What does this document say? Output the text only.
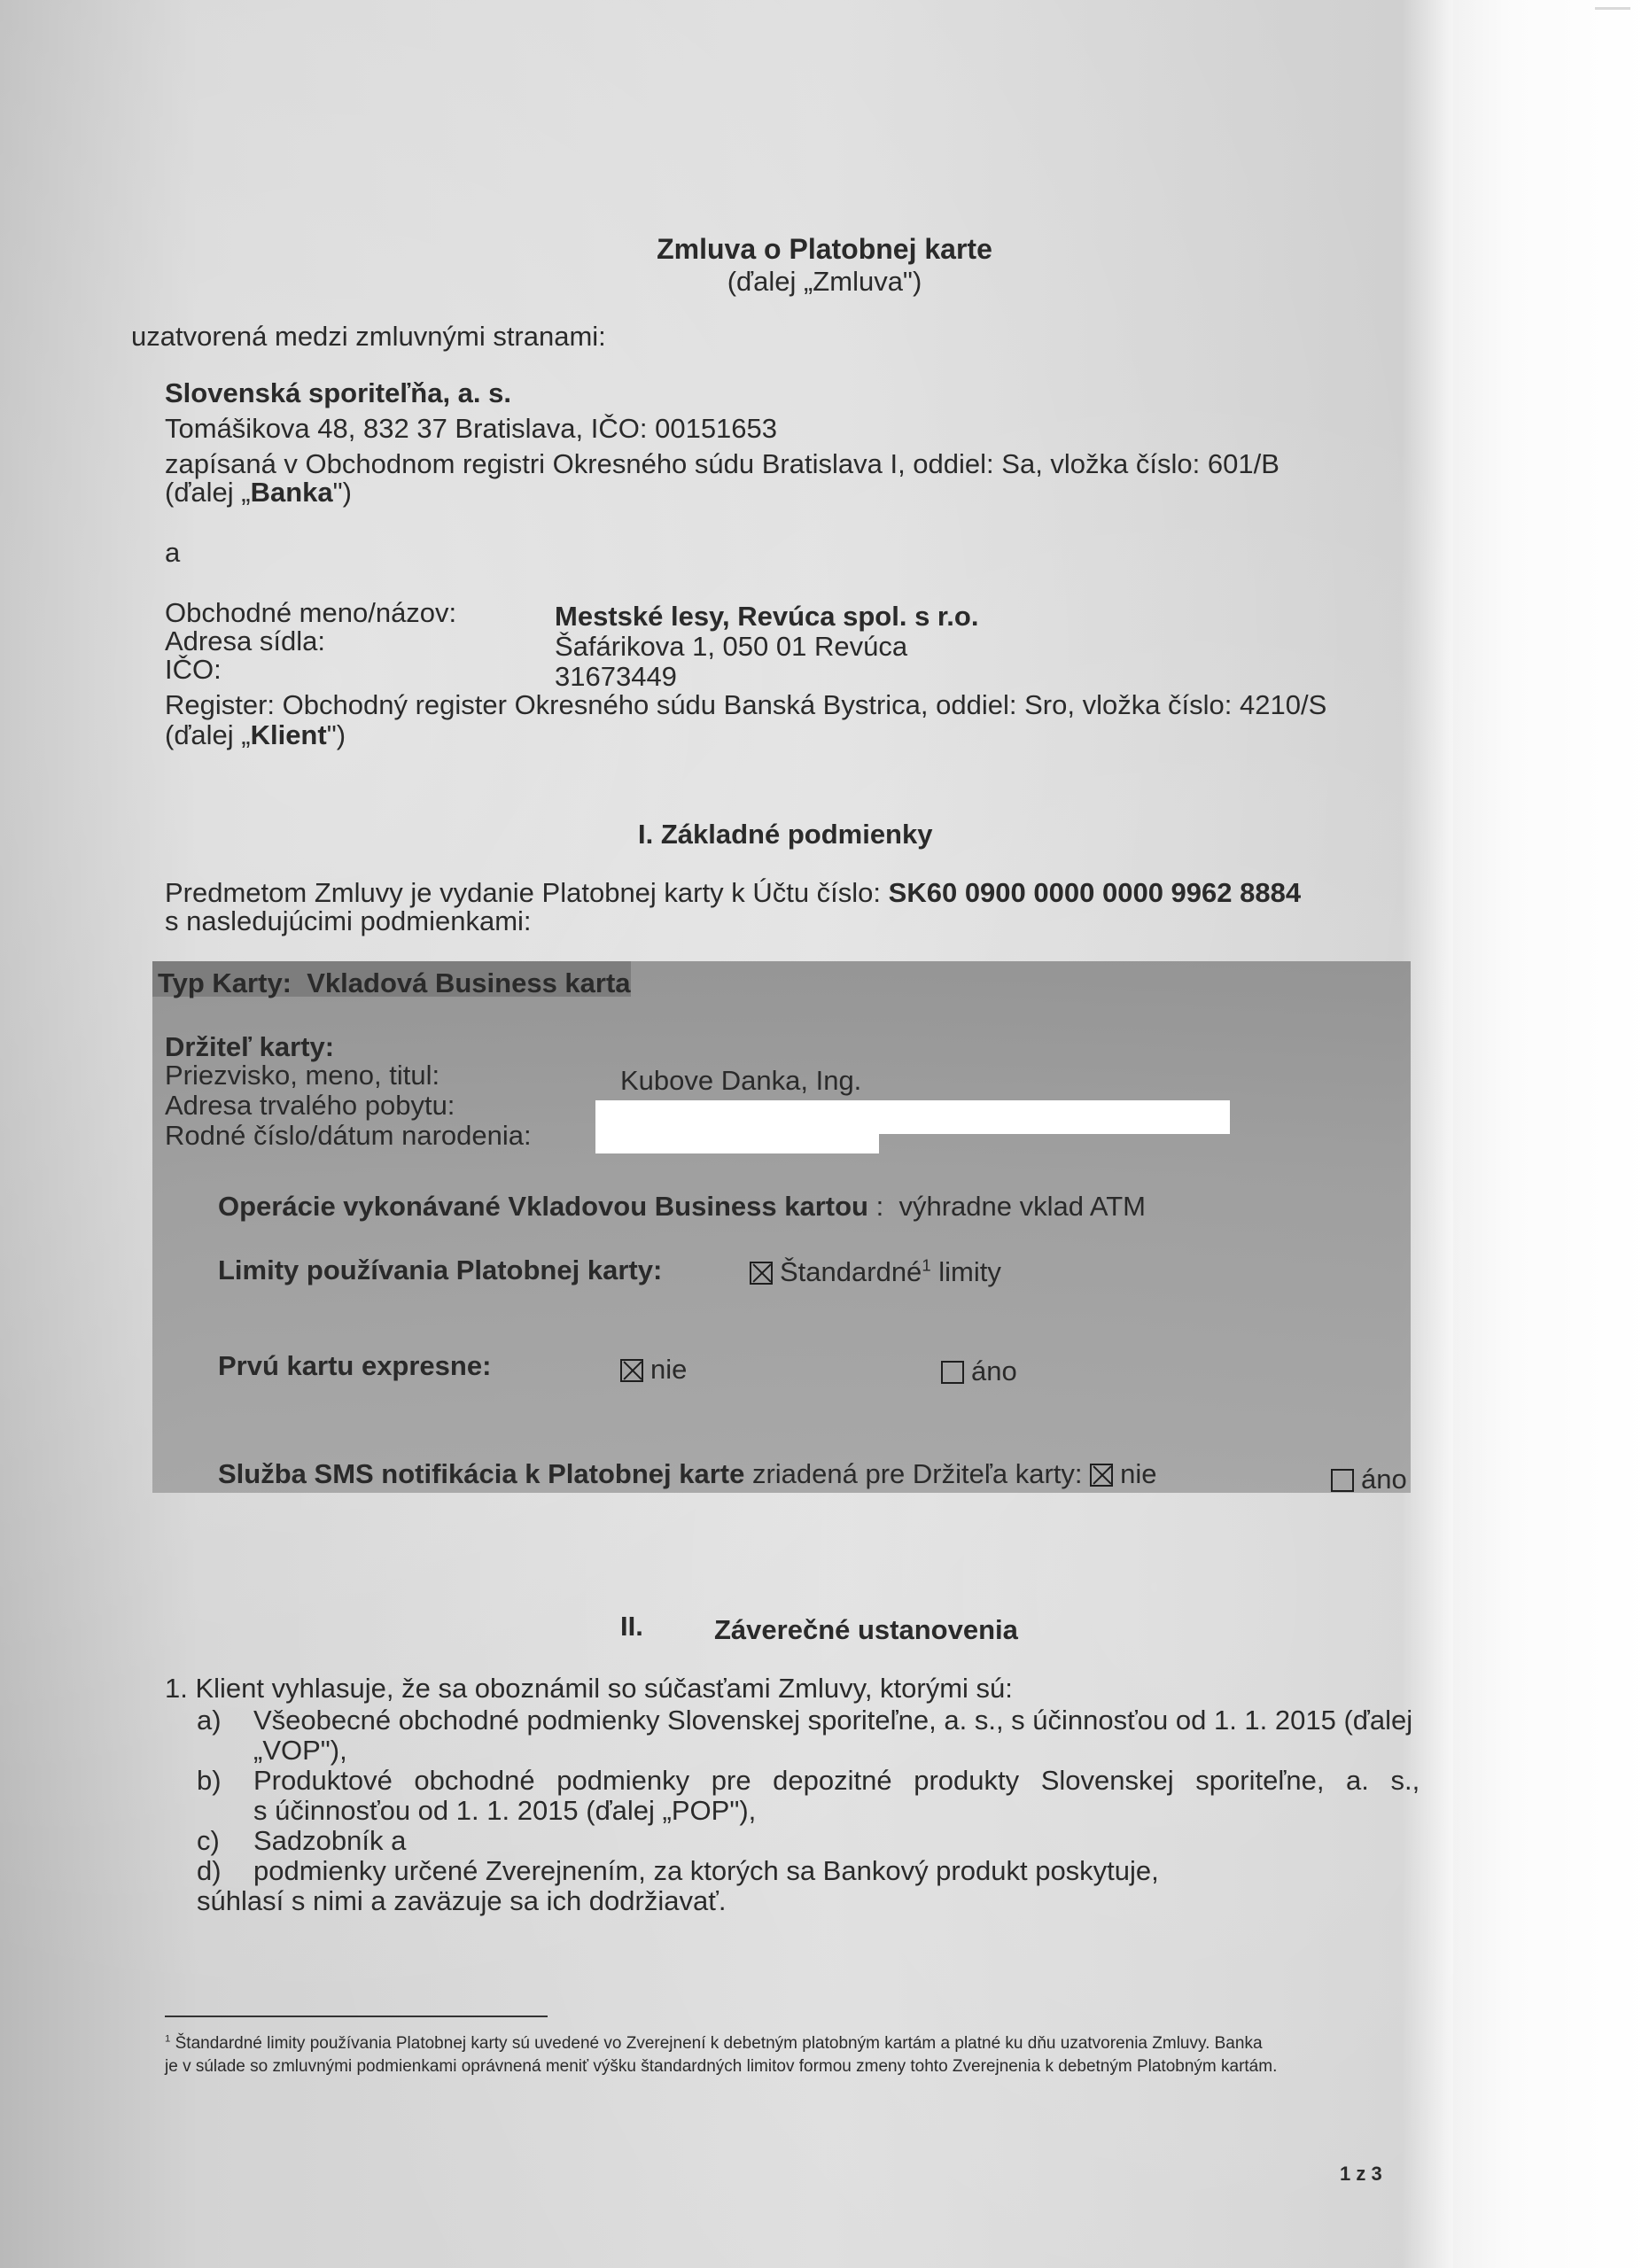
Zmluva o Platobnej karte
(ďalej „Zmluva")
uzatvorená medzi zmluvnými stranami:
Slovenská sporiteľňa, a. s.
Tomášikova 48, 832 37 Bratislava, IČO: 00151653
zapísaná v Obchodnom registri Okresného súdu Bratislava I, oddiel: Sa, vložka číslo: 601/B
(ďalej „Banka")
a
Obchodné meno/názov:	Mestské lesy, Revúca spol. s r.o.
Adresa sídla:	Šafárikova 1, 050 01 Revúca
IČO:	31673449
Register: Obchodný register Okresného súdu Banská Bystrica, oddiel: Sro, vložka číslo: 4210/S
(ďalej „Klient")
I. Základné podmienky
Predmetom Zmluvy je vydanie Platobnej karty k Účtu číslo: SK60 0900 0000 0000 9962 8884
s nasledujúcimi podmienkami:
Typ Karty: Vkladová Business karta
Držiteľ karty:
Priezvisko, meno, titul:	Kubove Danka, Ing.
Adresa trvalého pobytu:
Rodné číslo/dátum narodenia:
Operácie vykonávané Vkladovou Business kartou : výhradne vklad ATM
Limity používania Platobnej karty:	Štandardné$^1$ limity
Prvú kartu expresne:	nie	áno
Služba SMS notifikácia k Platobnej karte zriadená pre Držiteľa karty: nie	áno
II.	Záverečné ustanovenia
1. Klient vyhlasuje, že sa oboznámil so súčasťami Zmluvy, ktorými sú:
a) Všeobecné obchodné podmienky Slovenskej sporiteľne, a. s., s účinnosťou od 1. 1. 2015 (ďalej
„VOP"),
b) Produktové obchodné podmienky pre depozitné produkty Slovenskej sporiteľne, a. s.,
s účinnosťou od 1. 1. 2015 (ďalej „POP"),
c) Sadzobník a
d) podmienky určené Zverejnením, za ktorých sa Bankový produkt poskytuje,
súhlasí s nimi a zaväzuje sa ich dodržiavať.
$^1$ Štandardné limity používania Platobnej karty sú uvedené vo Zverejnení k debetným platobným kartám a platné ku dňu uzatvorenia Zmluvy. Banka
je v súlade so zmluvnými podmienkami oprávnená meniť výšku štandardných limitov formou zmeny tohto Zverejnenia k debetným Platobným kartám.
1 z 3
